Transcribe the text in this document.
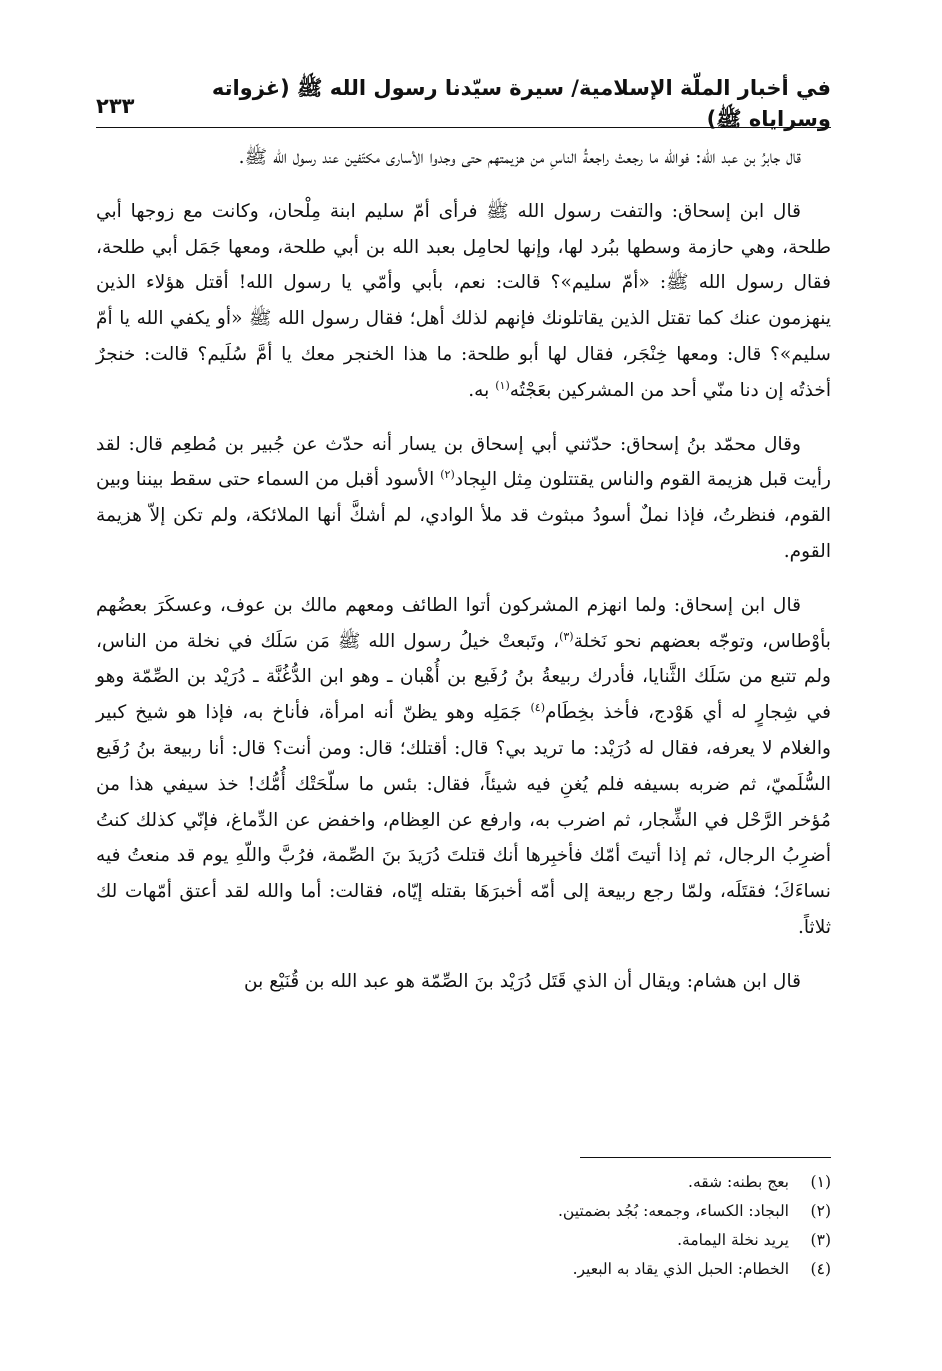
في أخبار الملّة الإسلامية/ سيرة سيّدنا رسول الله ﷺ (غزواته وسراياه ﷺ)
٢٣٣

قال جابرُ بن عبد الله: فوالله ما رجعتْ راجعةُ الناسِ من هزيمتهم حتى وجدوا الأسارى مكتّفين عند رسول الله ﷺ.

قال ابن إسحاق: والتفت رسول الله ﷺ فرأى أمّ سليم ابنة مِلْحان، وكانت مع زوجها أبي طلحة، وهي حازمة وسطها ببُرد لها، وإنها لحامِل بعبد الله بن أبي طلحة، ومعها جَمَل أبي طلحة، فقال رسول الله ﷺ: «أمّ سليم»؟ قالت: نعم، بأبي وأمّي يا رسول الله! أقتل هؤلاء الذين ينهزمون عنك كما تقتل الذين يقاتلونك فإنهم لذلك أهل؛ فقال رسول الله ﷺ «أو يكفي الله يا أمّ سليم»؟ قال: ومعها خِنْجَر، فقال لها أبو طلحة: ما هذا الخنجر معك يا أمَّ سُلَيم؟ قالت: خنجرٌ أخذتُه إن دنا منّي أحد من المشركين بعَجْتُه$^{(١)}$ به.

وقال محمّد بنُ إسحاق: حدّثني أبي إسحاق بن يسار أنه حدّث عن جُبير بن مُطعِم قال: لقد رأيت قبل هزيمة القوم والناس يقتتلون مِثل البِجاد$^{(٢)}$ الأسود أقبل من السماء حتى سقط بيننا وبين القوم، فنظرتُ، فإذا نملٌ أسودُ مبثوث قد ملأ الوادي، لم أشكَّ أنها الملائكة، ولم تكن إلاّ هزيمة القوم.

قال ابن إسحاق: ولما انهزم المشركون أتوا الطائف ومعهم مالك بن عوف، وعسكَرَ بعضُهم بأوْطاس، وتوجّه بعضهم نحو نَخلة$^{(٣)}$، وتَبعتْ خيلُ رسول الله ﷺ مَن سَلَك في نخلة من الناس، ولم تتبع من سَلَك الثَّنايا، فأدرك ربيعةُ بنُ رُفَيع بن أُهْبان ـ وهو ابن الدُّغُنَّة ـ دُرَيْد بن الصِّمّة وهو في شِجارٍ له أي هَوْدج، فأخذ بخِطَام$^{(٤)}$ جَمَلِه وهو يظنّ أنه امرأة، فأناخ به، فإذا هو شيخ كبير والغلام لا يعرفه، فقال له دُرَيْد: ما تريد بي؟ قال: أقتلك؛ قال: ومن أنت؟ قال: أنا ربيعة بنُ رُفَيع السُّلَميّ، ثم ضربه بسيفه فلم يُغنِ فيه شيئاً، فقال: بئس ما سلّحَتْك أُمُّك! خذ سيفي هذا من مُؤخر الرَّحْل في الشِّجار، ثم اضرب به، وارفع عن العِظام، واخفض عن الدِّماغ، فإنّي كذلك كنتُ أضرِبُ الرجال، ثم إذا أتيتَ أمّك فأخبِرها أنك قتلتَ دُرَيدَ بنَ الصِّمة، فرُبَّ واللّهِ يوم قد منعتُ فيه نساءَكَ؛ فقتَلَه، ولمّا رجع ربيعة إلى أمّه أخبرَهَا بقتله إيّاه، فقالت: أما والله لقد أعتق أمّهات لك ثلاثاً.

قال ابن هشام: ويقال أن الذي قَتَل دُرَيْد بنَ الصِّمّة هو عبد الله بن قُنَيْع بن

(١)
بعج بطنه: شقه.
(٢)
البجاد: الكساء، وجمعه: بُجُد بضمتين.
(٣)
يريد نخلة اليمامة.
(٤)
الخطام: الحبل الذي يقاد به البعير.
